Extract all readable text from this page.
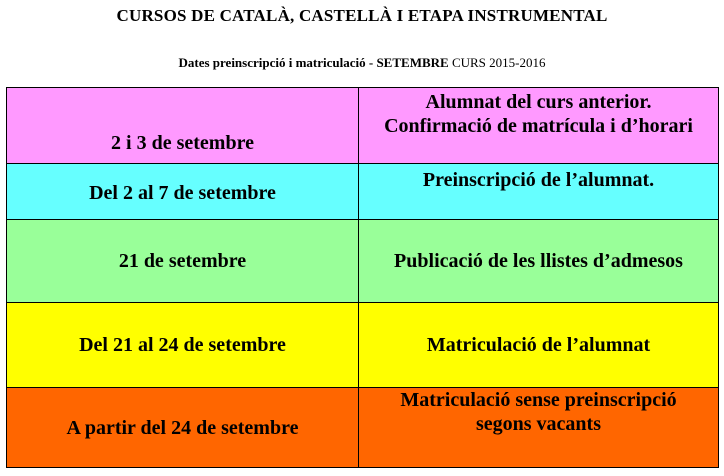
CURSOS DE CATALÀ, CASTELLÀ I ETAPA INSTRUMENTAL
Dates preinscripció i matriculació - SETEMBRE CURS 2015-2016
2 i 3 de setembre	Alumnat del curs anterior.
Confirmació de matrícula i d’horari

Del 2 al 7 de setembre	Preinscripció de l’alumnat.

21 de setembre	Publicació de les llistes d’admesos

Del 21 al 24 de setembre	Matriculació de l’alumnat

A partir del 24 de setembre	Matriculació sense preinscripció
segons vacants
